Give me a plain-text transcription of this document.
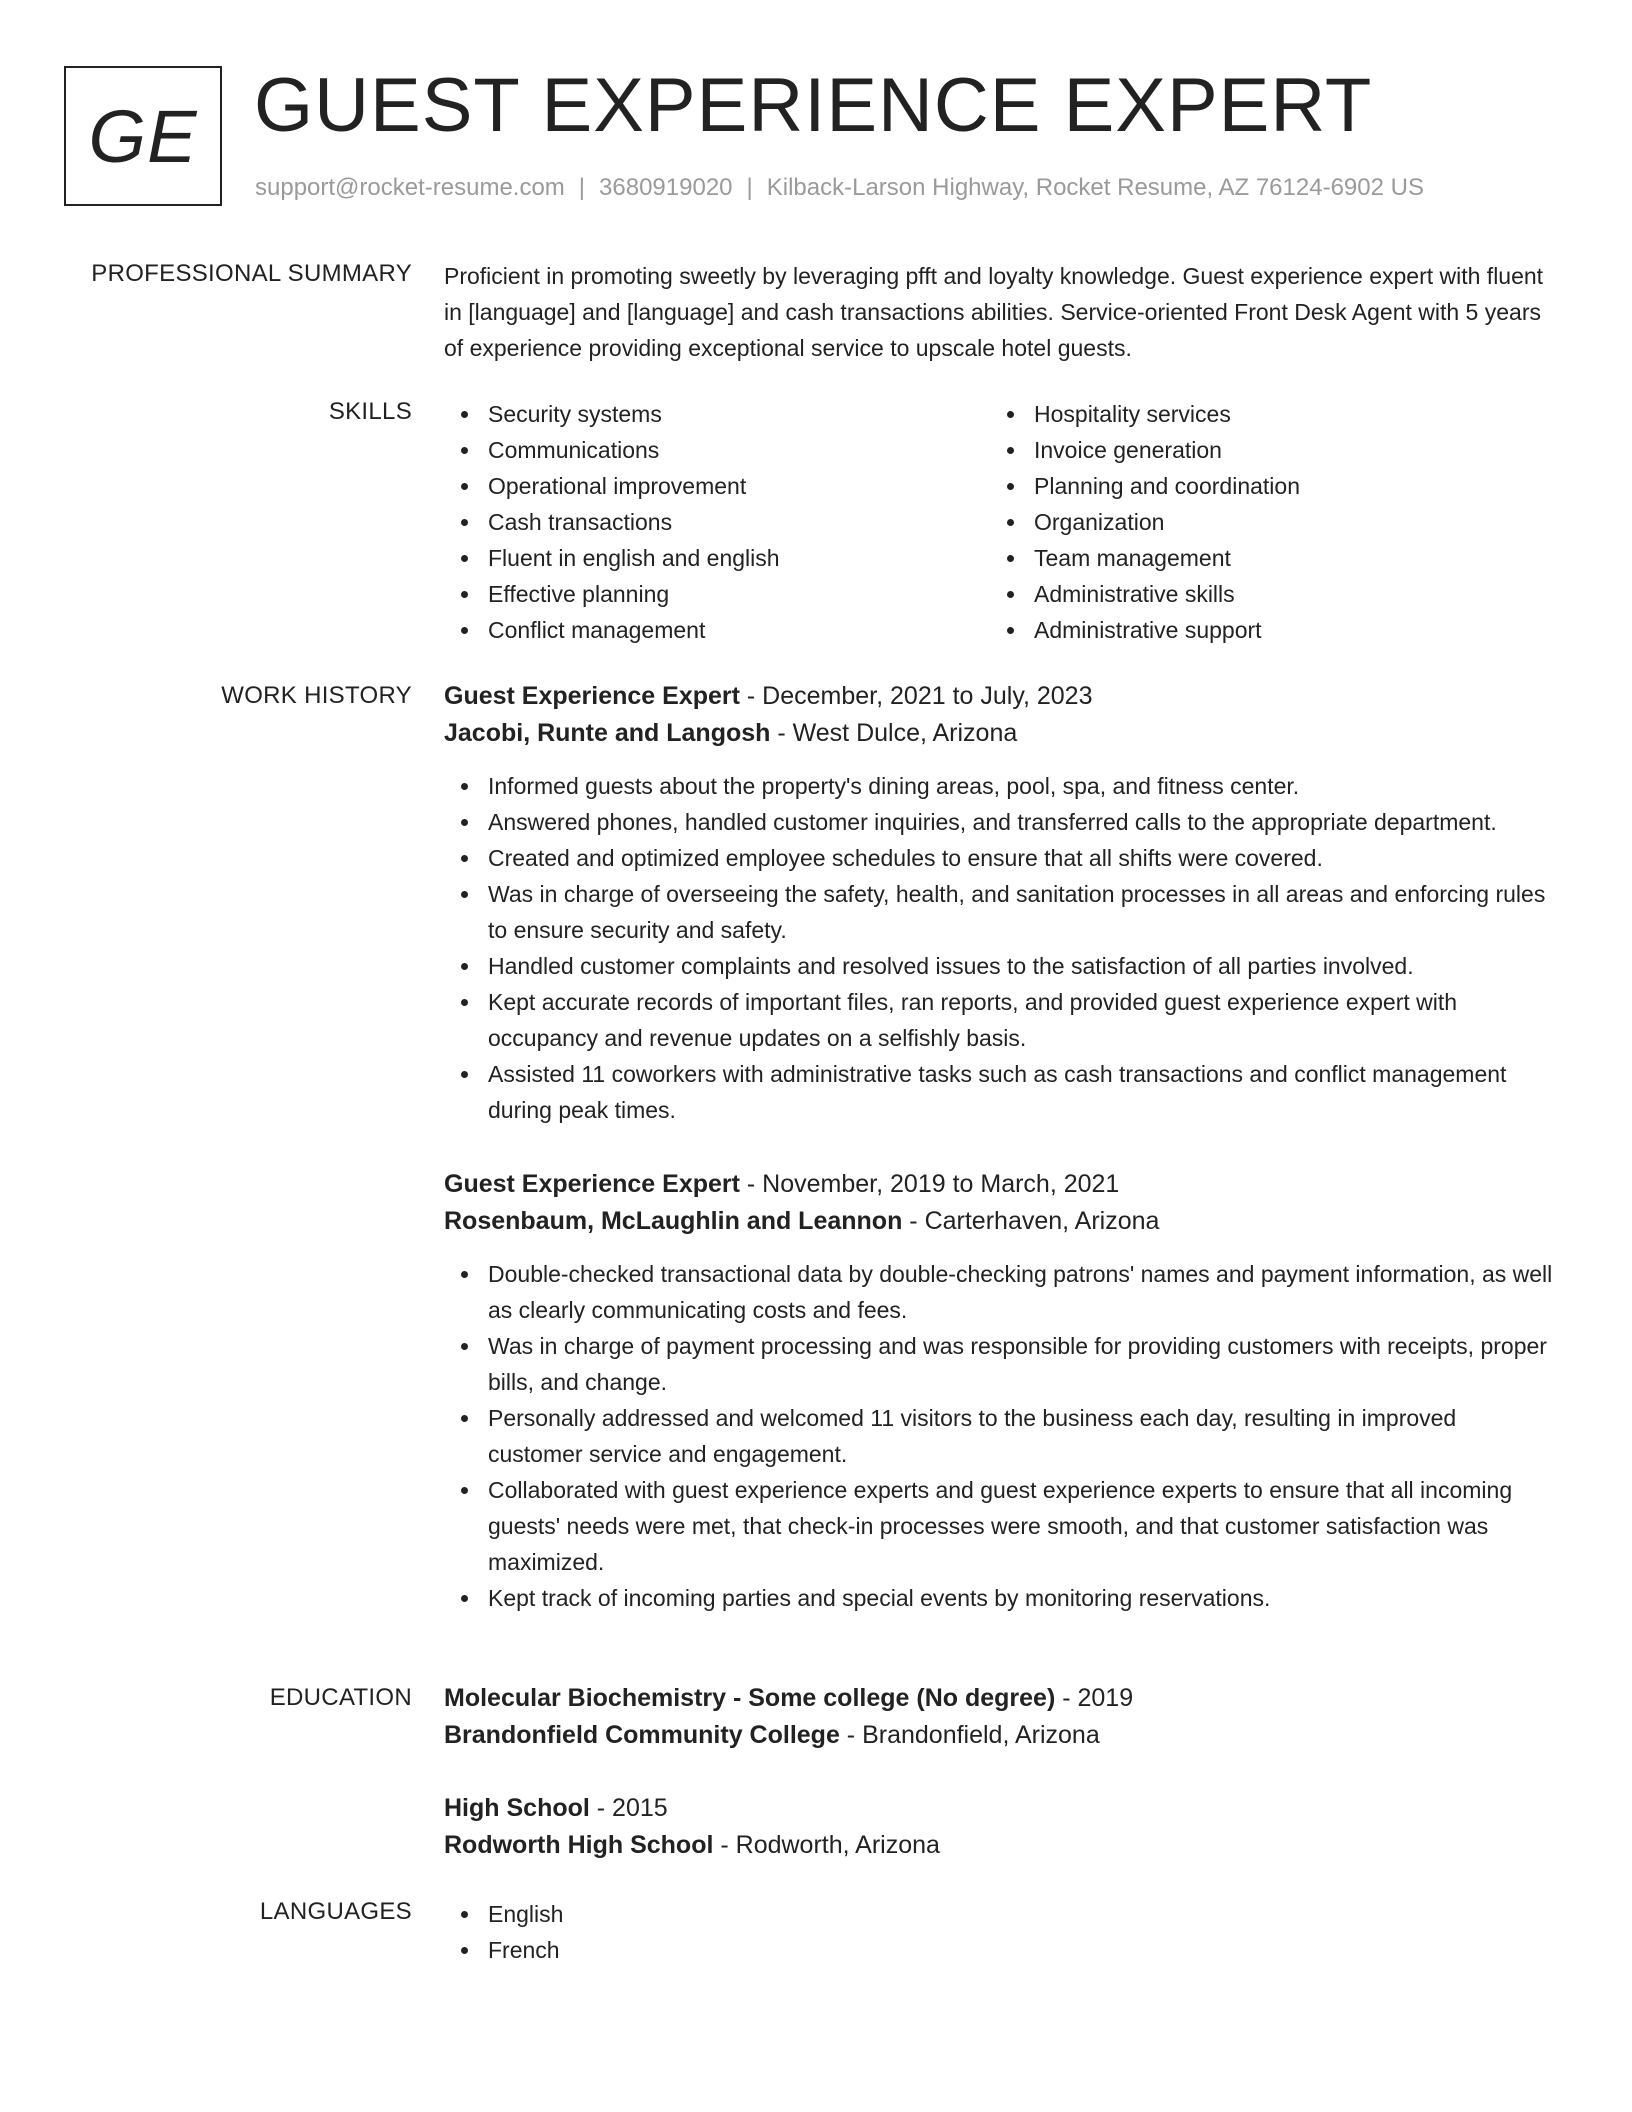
GE GUEST EXPERIENCE EXPERT
support@rocket-resume.com | 3680919020 | Kilback-Larson Highway, Rocket Resume, AZ 76124-6902 US
PROFESSIONAL SUMMARY Proficient in promoting sweetly by leveraging pfft and loyalty knowledge. Guest experience expert with fluent in [language] and [language] and cash transactions abilities. Service-oriented Front Desk Agent with 5 years of experience providing exceptional service to upscale hotel guests.
SKILLS	Security systems
Communications
Operational improvement
Cash transactions
Fluent in english and english
Effective planning
Conflict management
Hospitality services
Invoice generation
Planning and coordination
Organization
Team management
Administrative skills
Administrative support
WORK HISTORY Guest Experience Expert - December, 2021 to July, 2023
Jacobi, Runte and Langosh - West Dulce, Arizona
Informed guests about the property's dining areas, pool, spa, and fitness center.
Answered phones, handled customer inquiries, and transferred calls to the appropriate department.
Created and optimized employee schedules to ensure that all shifts were covered.
Was in charge of overseeing the safety, health, and sanitation processes in all areas and enforcing rules to ensure security and safety.
Handled customer complaints and resolved issues to the satisfaction of all parties involved.
Kept accurate records of important files, ran reports, and provided guest experience expert with occupancy and revenue updates on a selfishly basis.
Assisted 11 coworkers with administrative tasks such as cash transactions and conflict management during peak times.
Guest Experience Expert - November, 2019 to March, 2021
Rosenbaum, McLaughlin and Leannon - Carterhaven, Arizona
Double-checked transactional data by double-checking patrons' names and payment information, as well as clearly communicating costs and fees.
Was in charge of payment processing and was responsible for providing customers with receipts, proper bills, and change.
Personally addressed and welcomed 11 visitors to the business each day, resulting in improved customer service and engagement.
Collaborated with guest experience experts and guest experience experts to ensure that all incoming guests' needs were met, that check-in processes were smooth, and that customer satisfaction was maximized.
Kept track of incoming parties and special events by monitoring reservations.
EDUCATION Molecular Biochemistry - Some college (No degree) - 2019
Brandonfield Community College - Brandonfield, Arizona
High School - 2015
Rodworth High School - Rodworth, Arizona
LANGUAGES	English
French
